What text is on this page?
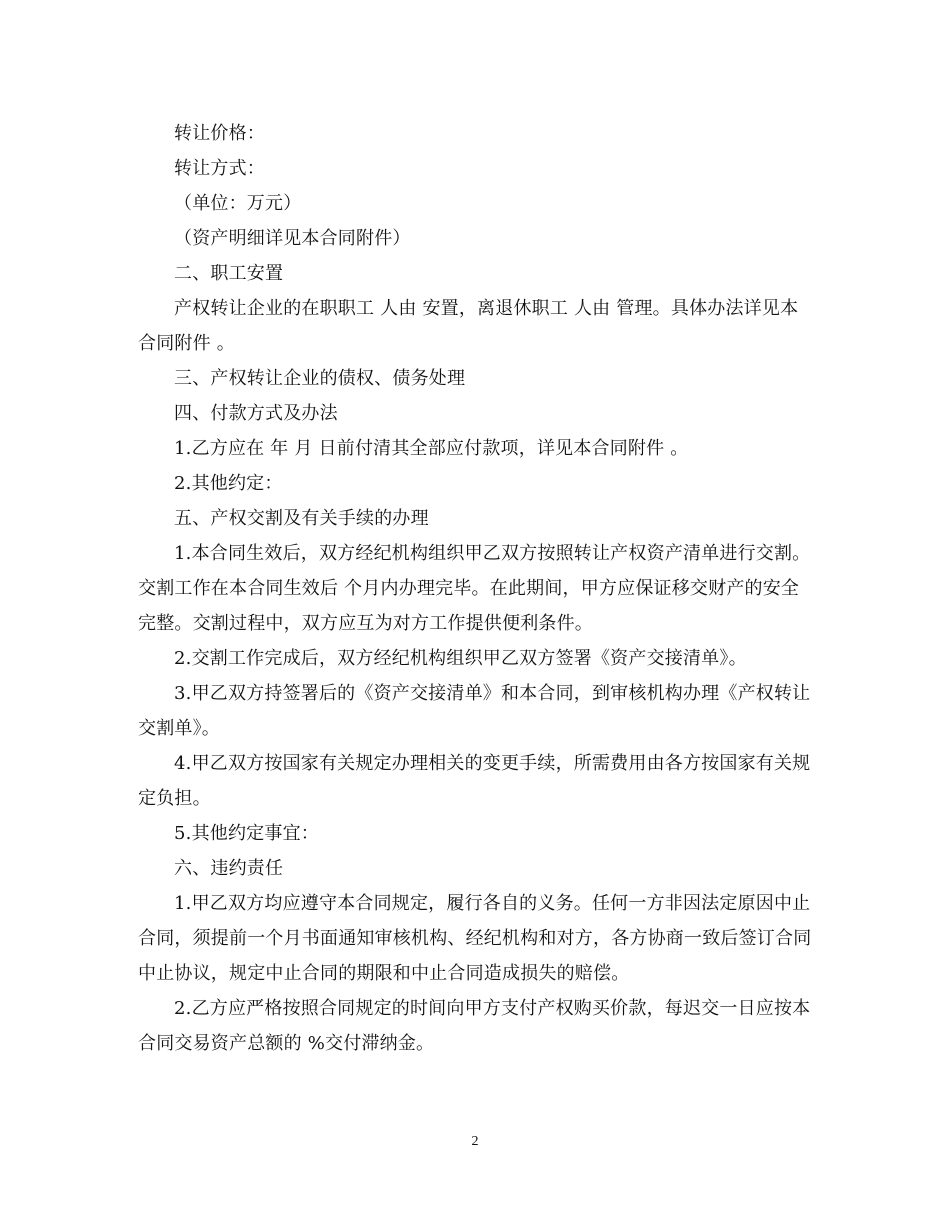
转让价格：

转让方式：

（单位：万元）

（资产明细详见本合同附件）

二、职工安置

产权转让企业的在职职工 人由 安置，离退休职工 人由 管理。具体办法详见本合同附件 。

三、产权转让企业的债权、债务处理

四、付款方式及办法

1.乙方应在 年 月 日前付清其全部应付款项，详见本合同附件 。

2.其他约定：

五、产权交割及有关手续的办理

1.本合同生效后，双方经纪机构组织甲乙双方按照转让产权资产清单进行交割。交割工作在本合同生效后 个月内办理完毕。在此期间，甲方应保证移交财产的安全完整。交割过程中，双方应互为对方工作提供便利条件。

2.交割工作完成后，双方经纪机构组织甲乙双方签署《资产交接清单》。

3.甲乙双方持签署后的《资产交接清单》和本合同，到审核机构办理《产权转让交割单》。

4.甲乙双方按国家有关规定办理相关的变更手续，所需费用由各方按国家有关规定负担。

5.其他约定事宜：

六、违约责任

1.甲乙双方均应遵守本合同规定，履行各自的义务。任何一方非因法定原因中止合同，须提前一个月书面通知审核机构、经纪机构和对方，各方协商一致后签订合同中止协议，规定中止合同的期限和中止合同造成损失的赔偿。

2.乙方应严格按照合同规定的时间向甲方支付产权购买价款，每迟交一日应按本合同交易资产总额的 %交付滞纳金。

2
